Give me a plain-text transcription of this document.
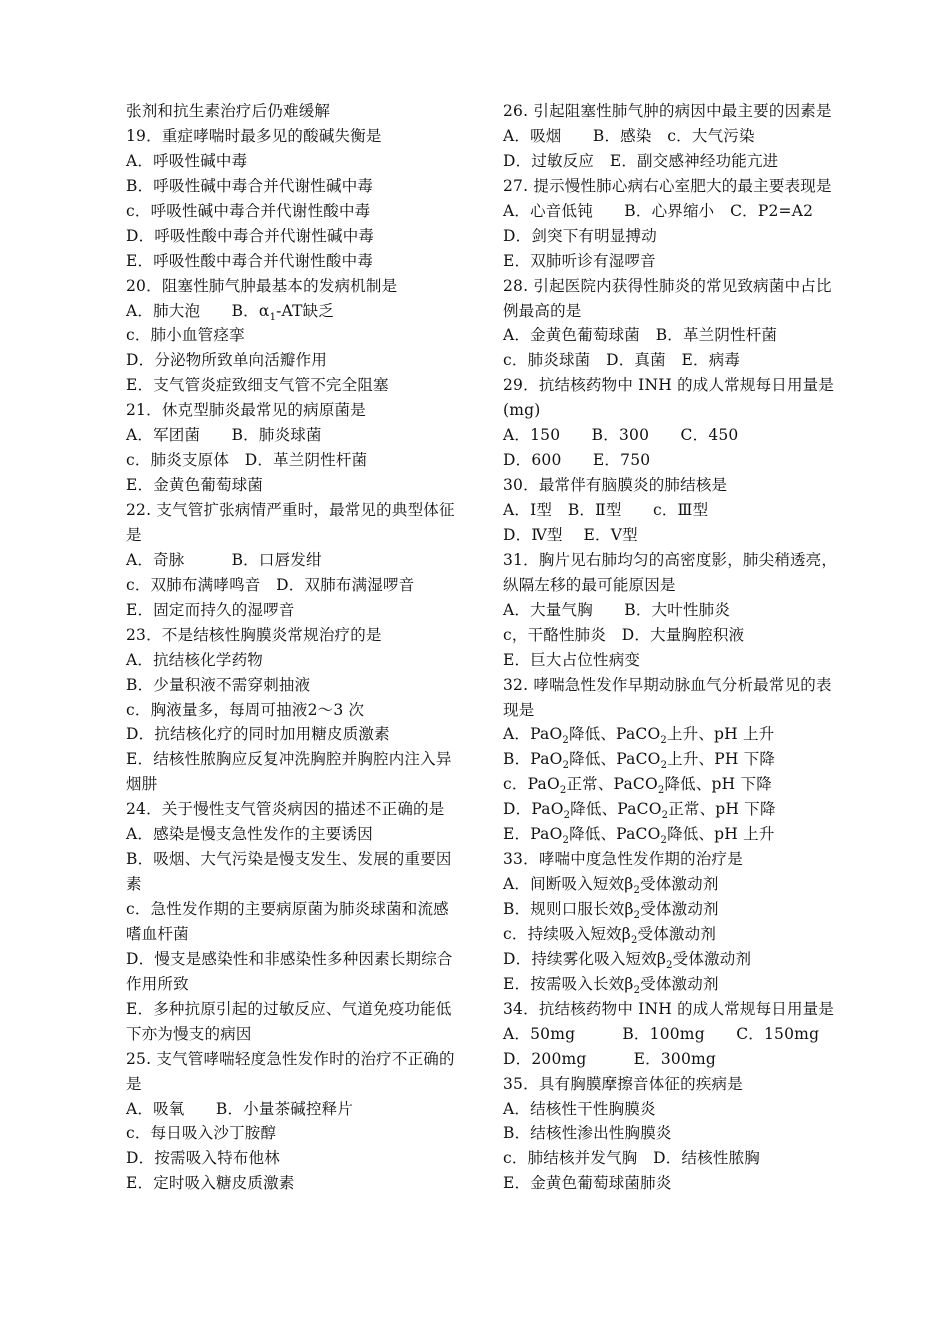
张剂和抗生素治疗后仍难缓解
19．重症哮喘时最多见的酸碱失衡是
A．呼吸性碱中毒
B．呼吸性碱中毒合并代谢性碱中毒
c．呼吸性碱中毒合并代谢性酸中毒
D．呼吸性酸中毒合并代谢性碱中毒
E．呼吸性酸中毒合并代谢性酸中毒
20．阻塞性肺气肿最基本的发病机制是
A．肺大泡　　B．$\alpha_1-AT$缺乏
c．肺小血管痉挛
D．分泌物所致单向活瓣作用
E．支气管炎症致细支气管不完全阻塞
21．休克型肺炎最常见的病原菌是
A．军团菌　　B．肺炎球菌
c．肺炎支原体　D．革兰阴性杆菌
E．金黄色葡萄球菌
22. 支气管扩张病情严重时，最常见的典型体征
是
A．奇脉　　　B．口唇发绀
c．双肺布满哮鸣音　D．双肺布满湿啰音
E．固定而持久的湿啰音
23．不是结核性胸膜炎常规治疗的是
A．抗结核化学药物
B．少量积液不需穿刺抽液
c．胸液量多，每周可抽液2～3 次
D．抗结核化疗的同时加用糖皮质激素
E．结核性脓胸应反复冲洗胸腔并胸腔内注入异
烟肼
24．关于慢性支气管炎病因的描述不正确的是
A．感染是慢支急性发作的主要诱因
B．吸烟、大气污染是慢支发生、发展的重要因
素
c．急性发作期的主要病原菌为肺炎球菌和流感
嗜血杆菌
D．慢支是感染性和非感染性多种因素长期综合
作用所致
E．多种抗原引起的过敏反应、气道免疫功能低
下亦为慢支的病因
25. 支气管哮喘轻度急性发作时的治疗不正确的
是
A．吸氧　　B．小量茶碱控释片
c．每日吸入沙丁胺醇
D．按需吸入特布他林
E．定时吸入糖皮质激素
26. 引起阻塞性肺气肿的病因中最主要的因素是
A．吸烟　　B．感染　c．大气污染
D．过敏反应　E．副交感神经功能亢进
27. 提示慢性肺心病右心室肥大的最主要表现是
A．心音低钝　　B．心界缩小　C．P2=A2
D．剑突下有明显搏动
E．双肺听诊有湿啰音
28. 引起医院内获得性肺炎的常见致病菌中占比
例最高的是
A．金黄色葡萄球菌　B．革兰阴性杆菌
c．肺炎球菌　D．真菌　E．病毒
29．抗结核药物中 INH 的成人常规每日用量是
(mg)
A．150　　B．300　　C．450
D．600　　E．750
30．最常伴有脑膜炎的肺结核是
A．Ⅰ型　B．Ⅱ型　　c．Ⅲ型
D．Ⅳ型　 E．Ⅴ型
31．胸片见右肺均匀的高密度影，肺尖稍透亮，
纵隔左移的最可能原因是
A．大量气胸　　B．大叶性肺炎
c，干酪性肺炎　D．大量胸腔积液
E．巨大占位性病变
32. 哮喘急性发作早期动脉血气分析最常见的表
现是
A．PaO$_2$降低、PaCO$_2$上升、pH 上升
B．PaO$_2$降低、PaCO$_2$上升、PH 下降
c．PaO$_2$正常、PaCO$_2$降低、pH 下降
D．PaO$_2$降低、PaCO$_2$正常、pH 下降
E．PaO$_2$降低、PaCO$_2$降低、pH 上升
33．哮喘中度急性发作期的治疗是
A．间断吸入短效$\beta_2$受体激动剂
B．规则口服长效$\beta_2$受体激动剂
c．持续吸入短效$\beta_2$受体激动剂
D．持续雾化吸入短效$\beta_2$受体激动剂
E．按需吸入长效$\beta_2$受体激动剂
34．抗结核药物中 INH 的成人常规每日用量是
A．50mg　　　B．100mg　　C．150mg
D．200mg　　　E．300mg
35．具有胸膜摩擦音体征的疾病是
A．结核性干性胸膜炎
B．结核性渗出性胸膜炎
c．肺结核并发气胸　D．结核性脓胸
E．金黄色葡萄球菌肺炎
